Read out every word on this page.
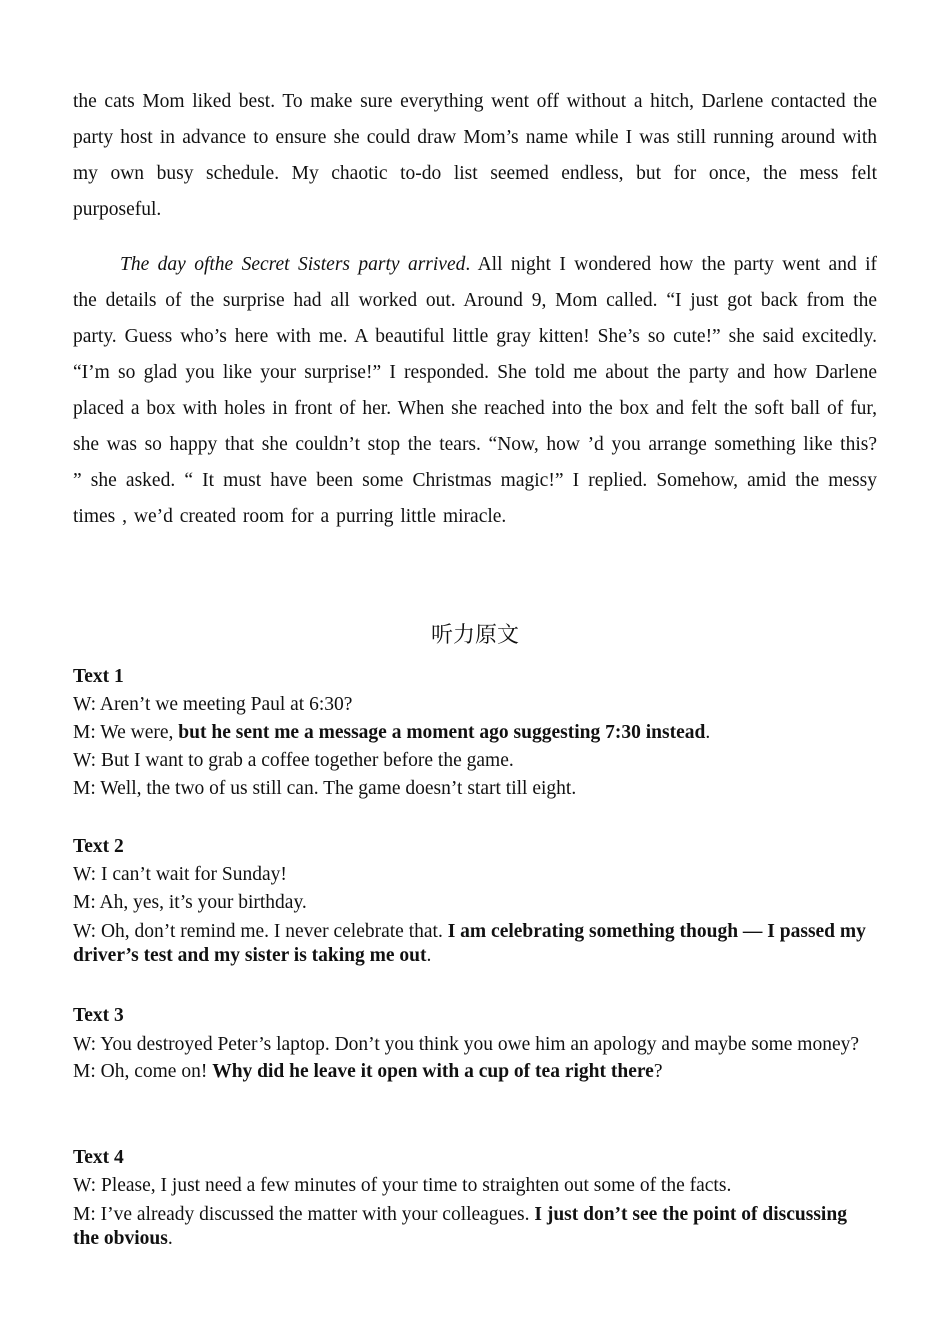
the cats Mom liked best. To make sure everything went off without a hitch, Darlene contacted the party host in advance to ensure she could draw Mom’s name while I was still running around with my own busy schedule. My chaotic to-do list seemed endless, but for once, the mess felt purposeful.

The day ofthe Secret Sisters party arrived. All night I wondered how the party went and if the details of the surprise had all worked out. Around 9, Mom called. “I just got back from the party. Guess who’s here with me. A beautiful little gray kitten! She’s so cute!” she said excitedly. “I’m so glad you like your surprise!” I responded. She told me about the party and how Darlene placed a box with holes in front of her. When she reached into the box and felt the soft ball of fur, she was so happy that she couldn’t stop the tears. “Now, how ’d you arrange something like this? ” she asked. “ It must have been some Christmas magic!” I replied. Somehow, amid the messy times , we’d created room for a purring little miracle.

听力原文
Text 1

W: Aren’t we meeting Paul at 6:30?

M: We were, but he sent me a message a moment ago suggesting 7:30 instead.

W: But I want to grab a coffee together before the game.

M: Well, the two of us still can. The game doesn’t start till eight.

Text 2

W: I can’t wait for Sunday!

M: Ah, yes, it’s your birthday.

W: Oh, don’t remind me. I never celebrate that. I am celebrating something though — I passed my driver’s test and my sister is taking me out.

Text 3

W: You destroyed Peter’s laptop. Don’t you think you owe him an apology and maybe some money?

M: Oh, come on! Why did he leave it open with a cup of tea right there?

Text 4

W: Please, I just need a few minutes of your time to straighten out some of the facts.

M: I’ve already discussed the matter with your colleagues. I just don’t see the point of discussing the obvious.
